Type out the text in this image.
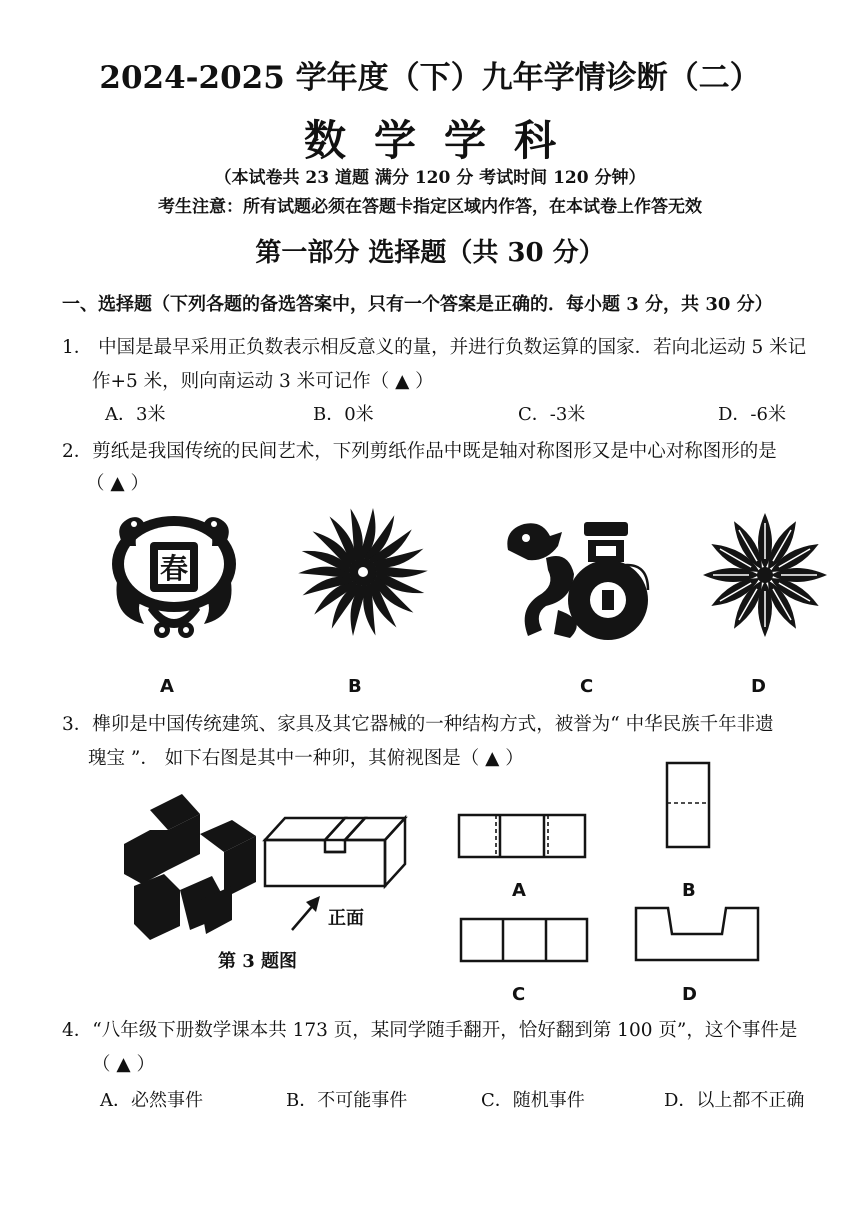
2024-2025 学年度（下）九年学情诊断（二）
数学学科
（本试卷共 23 道题 满分 120 分 考试时间 120 分钟）
考生注意：所有试题必须在答题卡指定区域内作答，在本试卷上作答无效
第一部分 选择题（共 30 分）
一、选择题（下列各题的备选答案中，只有一个答案是正确的．每小题 3 分，共 30 分）
1． 中国是最早采用正负数表示相反意义的量，并进行负数运算的国家．若向北运动 5 米记
作+5 米，则向南运动 3 米可记作（ ▲ ）
A．3米	B．0米	C．-3米	D．-6米
2．剪纸是我国传统的民间艺术，下列剪纸作品中既是轴对称图形又是中心对称图形的是
（ ▲ ）
春
A	B	C	D
3．榫卯是中国传统建筑、家具及其它器械的一种结构方式，被誉为“ 中华民族千年非遗
瑰宝 ”． 如下右图是其中一种卯，其俯视图是（ ▲ ）
正面
第 3 题图
A	B
C	D
4．“八年级下册数学课本共 173 页，某同学随手翻开，恰好翻到第 100 页”，这个事件是
（ ▲ ）
A．必然事件	B．不可能事件	C．随机事件	D．以上都不正确
